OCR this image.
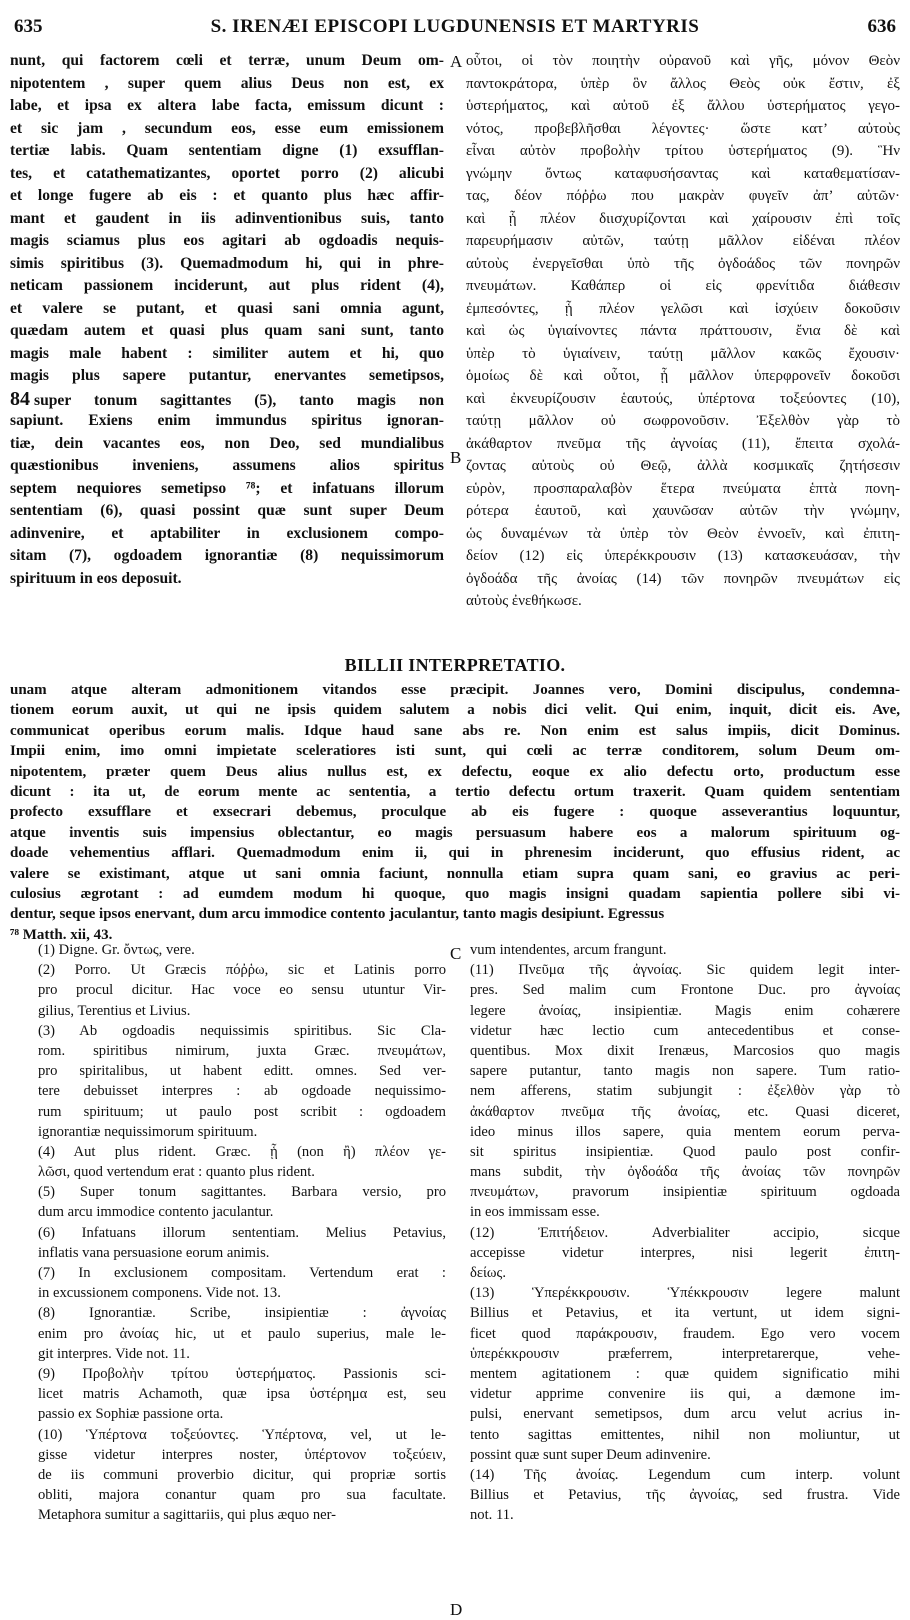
635	S. IRENÆI EPISCOPI LUGDUNENSIS ET MARTYRIS	636
nunt, qui factorem cœli et terræ, unum Deum om-
nipotentem , super quem alius Deus non est, ex
labe, et ipsa ex altera labe facta, emissum dicunt :
et sic jam , secundum eos, esse eum emissionem
tertiæ labis. Quam sententiam digne (1) exsufflan-
tes, et catathematizantes, oportet porro (2) alicubi
et longe fugere ab eis : et quanto plus hæc affir-
mant et gaudent in iis adinventionibus suis, tanto
magis sciamus plus eos agitari ab ogdoadis nequis-
simis spiritibus (3). Quemadmodum hi, qui in phre-
neticam passionem inciderunt, aut plus rident (4),
et valere se putant, et quasi sani omnia agunt,
quædam autem et quasi plus quam sani sunt, tanto
magis male habent : similiter autem et hi, quo
magis plus sapere putantur, enervantes semetipsos,
84 super tonum sagittantes (5), tanto magis non
sapiunt. Exiens enim immundus spiritus ignoran-
tiæ, dein vacantes eos, non Deo, sed mundialibus
quæstionibus inveniens, assumens alios spiritus
septem nequiores semetipso ⁷⁸; et infatuans illorum
sententiam (6), quasi possint quæ sunt super Deum
adinvenire, et aptabiliter in exclusionem compo-
sitam (7), ogdoadem ignorantiæ (8) nequissimorum
spirituum in eos deposuit.
A
B
οὗτοι, οἱ τὸν ποιητὴν οὐρανοῦ καὶ γῆς, μόνον Θεὸν
παντοκράτορα, ὑπὲρ ὃν ἄλλος Θεὸς οὐκ ἔστιν, ἐξ
ὑστερήματος, καὶ αὐτοῦ ἐξ ἄλλου ὑστερήματος γεγο-
νότος, προβεβλῆσθαι λέγοντες· ὥστε κατ’ αὐτοὺς
εἶναι αὐτὸν προβολὴν τρίτου ὑστερήματος (9). Ἣν
γνώμην ὄντως καταφυσήσαντας καὶ καταθεματίσαν-
τας, δέον πόῤῥω που μακρὰν φυγεῖν ἀπ’ αὐτῶν·
καὶ ᾗ πλέον διισχυρίζονται καὶ χαίρουσιν ἐπὶ τοῖς
παρευρήμασιν αὐτῶν, ταύτῃ μᾶλλον εἰδέναι πλέον
αὐτοὺς ἐνεργεῖσθαι ὑπὸ τῆς ὀγδοάδος τῶν πονηρῶν
πνευμάτων. Καθάπερ οἱ εἰς φρενίτιδα διάθεσιν
ἐμπεσόντες, ᾗ πλέον γελῶσι καὶ ἰσχύειν δοκοῦσιν
καὶ ὡς ὑγιαίνοντες πάντα πράττουσιν, ἔνια δὲ καὶ
ὑπὲρ τὸ ὑγιαίνειν, ταύτῃ μᾶλλον κακῶς ἔχουσιν·
ὁμοίως δὲ καὶ οὗτοι, ᾗ μᾶλλον ὑπερφρονεῖν δοκοῦσι
καὶ ἐκνευρίζουσιν ἑαυτούς, ὑπέρτονα τοξεύοντες (10),
ταύτῃ μᾶλλον οὐ σωφρονοῦσιν. Ἐξελθὸν γὰρ τὸ
ἀκάθαρτον πνεῦμα τῆς ἀγνοίας (11), ἔπειτα σχολά-
ζοντας αὐτοὺς οὐ Θεῷ, ἀλλὰ κοσμικαῖς ζητήσεσιν
εὑρὸν, προσπαραλαβὸν ἕτερα πνεύματα ἑπτὰ πονη-
ρότερα ἑαυτοῦ, καὶ χαυνῶσαν αὐτῶν τὴν γνώμην,
ὡς δυναμένων τὰ ὑπὲρ τὸν Θεὸν ἐννοεῖν, καὶ ἐπιτη-
δείον (12) εἰς ὑπερέκκρουσιν (13) κατασκευάσαν, τὴν
ὀγδοάδα τῆς ἀνοίας (14) τῶν πονηρῶν πνευμάτων εἰς
αὐτοὺς ἐνεθήκωσε.
BILLII INTERPRETATIO.
unam atque alteram admonitionem vitandos esse præcipit. Joannes vero, Domini discipulus, condemna-
tionem eorum auxit, ut qui ne ipsis quidem salutem a nobis dici velit. Qui enim, inquit, dicit eis. Ave,
communicat operibus eorum malis. Idque haud sane abs re. Non enim est salus impiis, dicit Dominus.
Impii enim, imo omni impietate sceleratiores isti sunt, qui cœli ac terræ conditorem, solum Deum om-
nipotentem, præter quem Deus alius nullus est, ex defectu, eoque ex alio defectu orto, productum esse
dicunt : ita ut, de eorum mente ac sententia, a tertio defectu ortum traxerit. Quam quidem sententiam
profecto exsufflare et exsecrari debemus, proculque ab eis fugere : quoque asseverantius loquuntur,
atque inventis suis impensius oblectantur, eo magis persuasum habere eos a malorum spirituum og-
doade vehementius afflari. Quemadmodum enim ii, qui in phrenesim inciderunt, quo effusius rident, ac
valere se existimant, atque ut sani omnia faciunt, nonnulla etiam supra quam sani, eo gravius ac peri-
culosius ægrotant : ad eumdem modum hi quoque, quo magis insigni quadam sapientia pollere sibi vi-
dentur, seque ipsos enervant, dum arcu immodice contento jaculantur, tanto magis desipiunt. Egressus
⁷⁸ Matth. xii, 43.
(1) Digne. Gr. ὄντως, vere.
(2) Porro. Ut Græcis πόῤῥω, sic et Latinis porro
pro procul dicitur. Hac voce eo sensu utuntur Vir-
gilius, Terentius et Livius.
(3) Ab ogdoadis nequissimis spiritibus. Sic Cla-
rom. spiritibus nimirum, juxta Græc. πνευμάτων,
pro spiritalibus, ut habent editt. omnes. Sed ver-
tere debuisset interpres : ab ogdoade nequissimo-
rum spirituum; ut paulo post scribit : ogdoadem
ignorantiæ nequissimorum spirituum.
(4) Aut plus rident. Græc. ᾗ (non ἢ) πλέον γε-
λῶσι, quod vertendum erat : quanto plus rident.
(5) Super tonum sagittantes. Barbara versio, pro
dum arcu immodice contento jaculantur.
(6) Infatuans illorum sententiam. Melius Petavius,
inflatis vana persuasione eorum animis.
(7) In exclusionem compositam. Vertendum erat :
in excussionem componens. Vide not. 13.
(8) Ignorantiæ. Scribe, insipientiæ : ἀγνοίας
enim pro ἀνοίας hic, ut et paulo superius, male le-
git interpres. Vide not. 11.
(9) Προβολὴν τρίτου ὑστερήματος. Passionis sci-
licet matris Achamoth, quæ ipsa ὑστέρημα est, seu
passio ex Sophiæ passione orta.
(10) Ὑπέρτονα τοξεύοντες. Ὑπέρτονα, vel, ut le-
gisse videtur interpres noster, ὑπέρτονον τοξεύειν,
de iis communi proverbio dicitur, qui propriæ sortis
obliti, majora conantur quam pro sua facultate.
Metaphora sumitur a sagittariis, qui plus æquo ner-
C
D
vum intendentes, arcum frangunt.
(11) Πνεῦμα τῆς ἀγνοίας. Sic quidem legit inter-
pres. Sed malim cum Frontone Duc. pro ἀγνοίας
legere ἀνοίας, insipientiæ. Magis enim cohærere
videtur hæc lectio cum antecedentibus et conse-
quentibus. Mox dixit Irenæus, Marcosios quo magis
sapere putantur, tanto magis non sapere. Tum ratio-
nem afferens, statim subjungit : ἐξελθὸν γὰρ τὸ
ἀκάθαρτον πνεῦμα τῆς ἀνοίας, etc. Quasi diceret,
ideo minus illos sapere, quia mentem eorum perva-
sit spiritus insipientiæ. Quod paulo post confir-
mans subdit, τὴν ὀγδοάδα τῆς ἀνοίας τῶν πονηρῶν
πνευμάτων, pravorum insipientiæ spirituum ogdoada
in eos immissam esse.
(12) Ἐπιτήδειον. Adverbialiter accipio, sicque
accepisse videtur interpres, nisi legerit ἐπιτη-
δείως.
(13) Ὑπερέκκρουσιν. Ὑπέκκρουσιν legere malunt
Billius et Petavius, et ita vertunt, ut idem signi-
ficet quod παράκρουσιν, fraudem. Ego vero vocem
ὑπερέκκρουσιν præferrem, interpretarerque, vehe-
mentem agitationem : quæ quidem significatio mihi
videtur apprime convenire iis qui, a dæmone im-
pulsi, enervant semetipsos, dum arcu velut acrius in-
tento sagittas emittentes, nihil non moliuntur, ut
possint quæ sunt super Deum adinvenire.
(14) Τῆς ἀνοίας. Legendum cum interp. volunt
Billius et Petavius, τῆς ἀγνοίας, sed frustra. Vide
not. 11.
